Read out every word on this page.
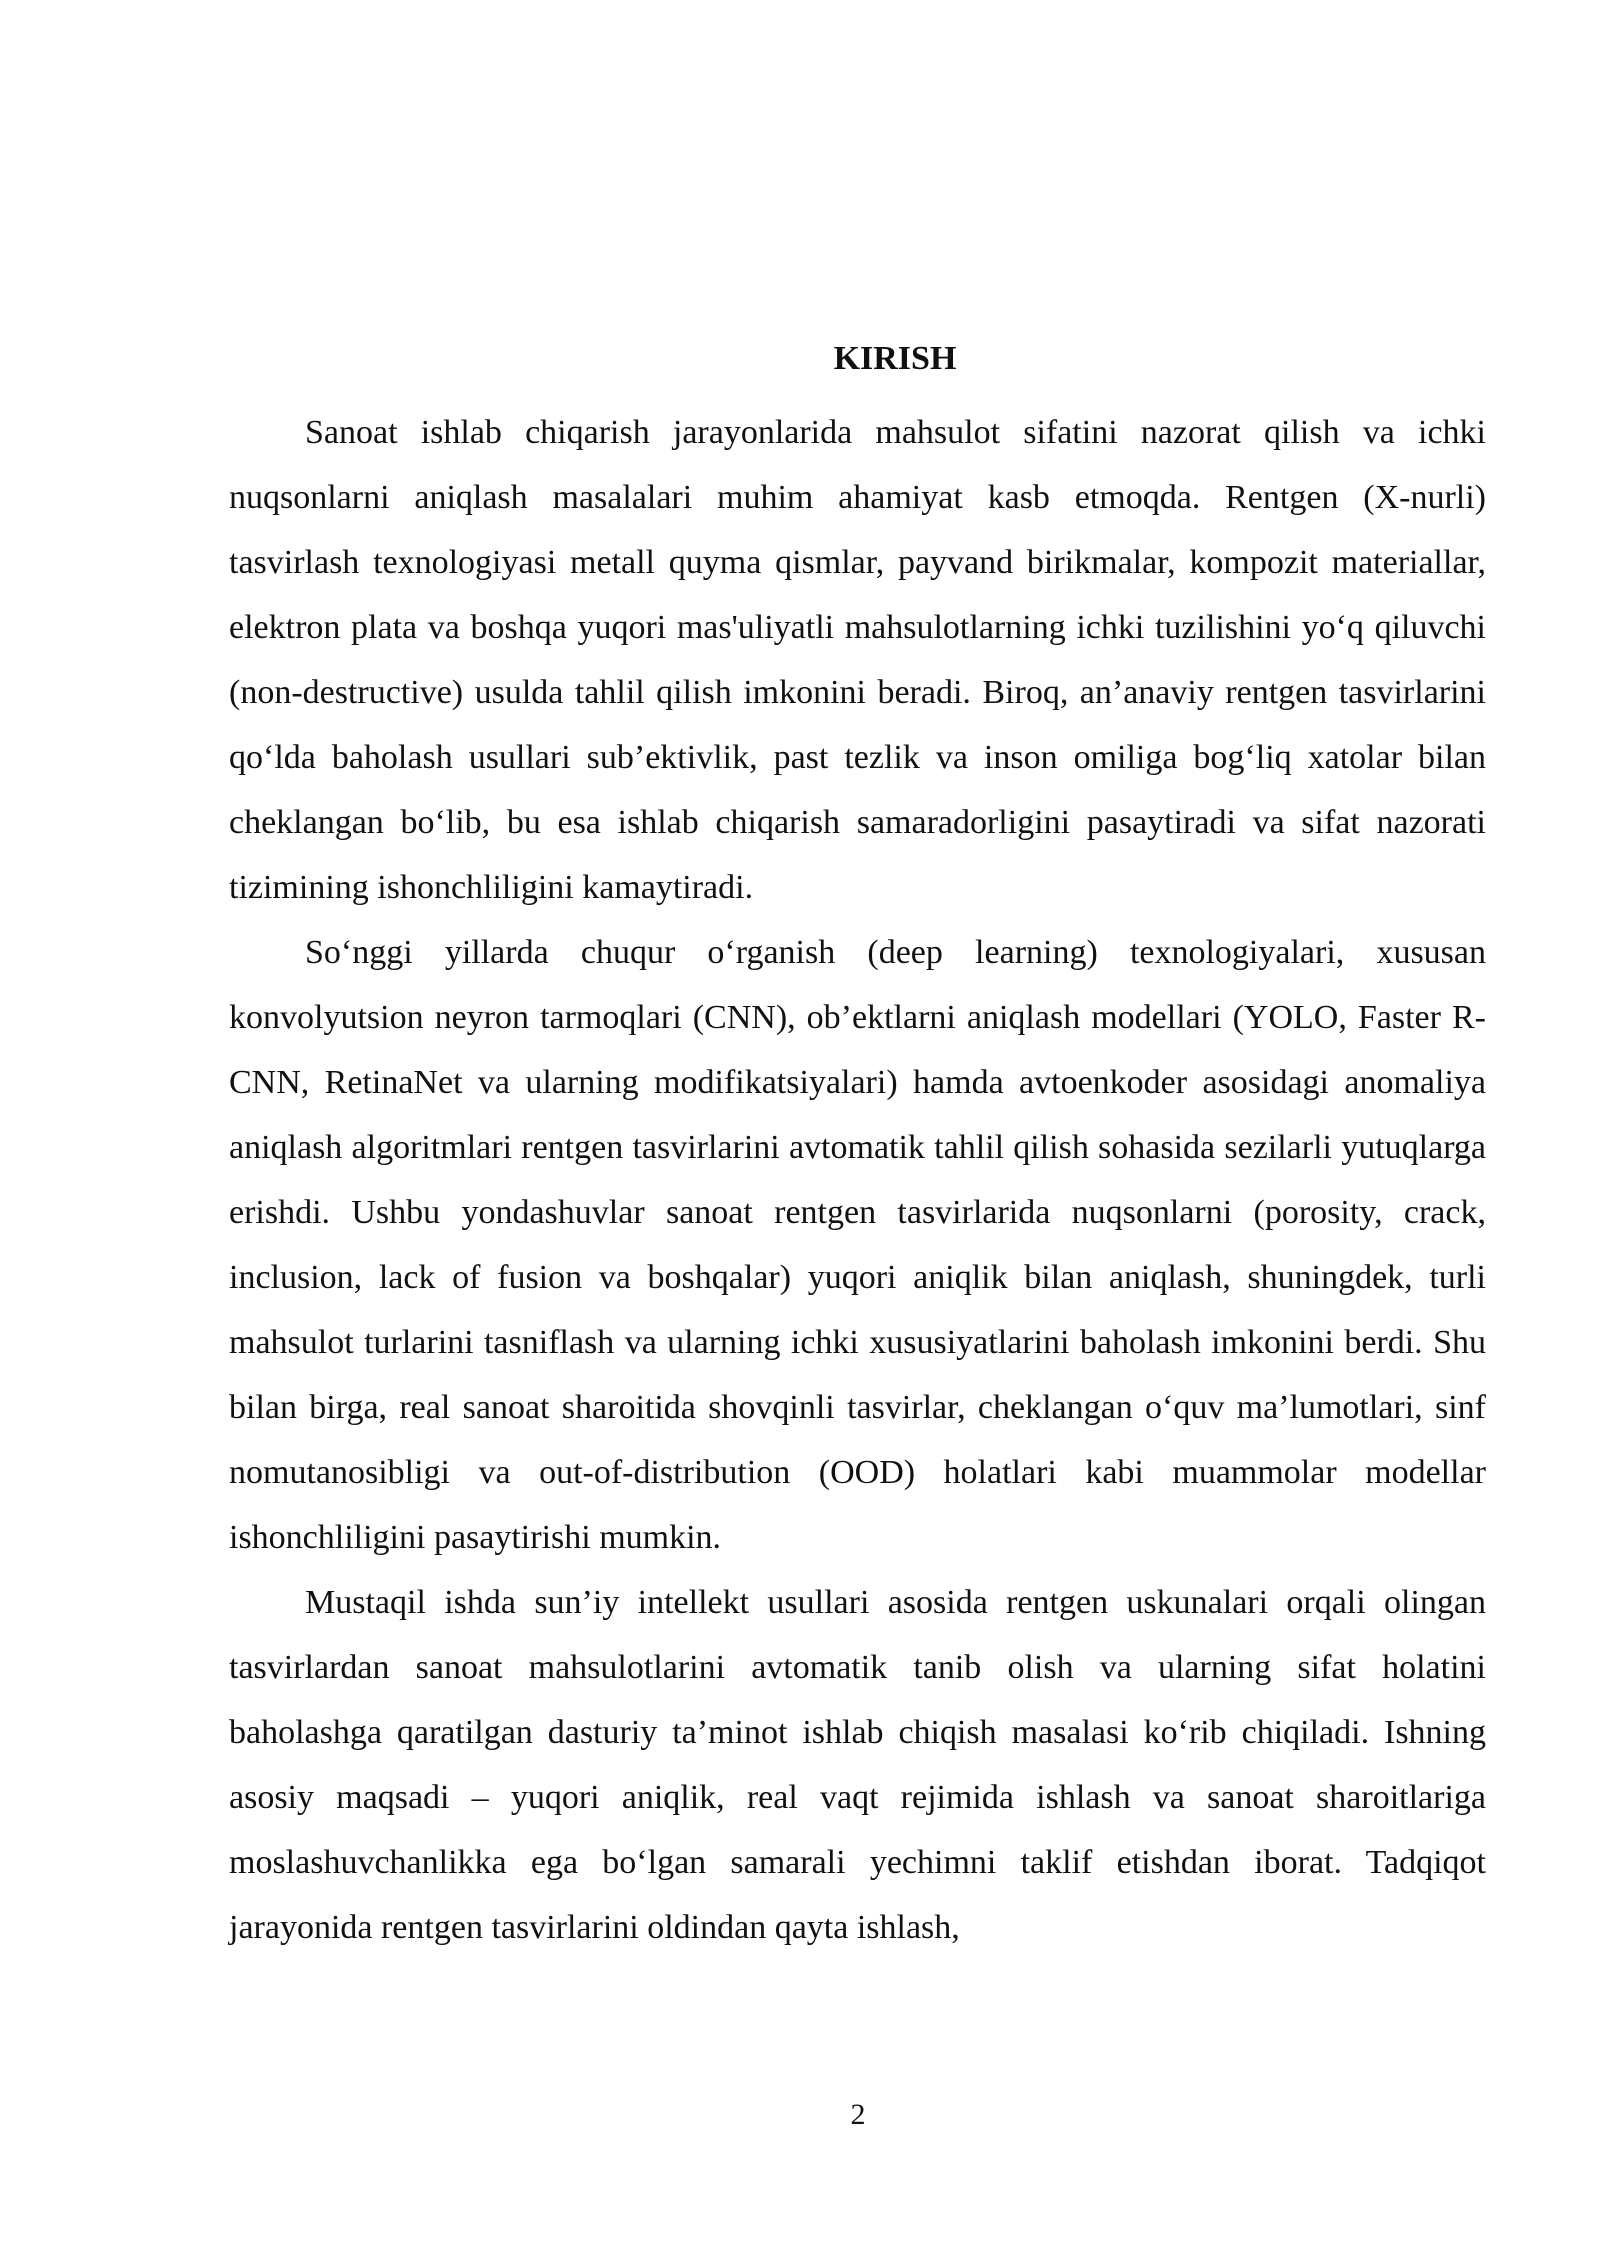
KIRISH

Sanoat ishlab chiqarish jarayonlarida mahsulot sifatini nazorat qilish va ichki nuqsonlarni aniqlash masalalari muhim ahamiyat kasb etmoqda. Rentgen (X-nurli) tasvirlash texnologiyasi metall quyma qismlar, payvand birikmalar, kompozit materiallar, elektron plata va boshqa yuqori mas'uliyatli mahsulotlarning ichki tuzilishini yo‘q qiluvchi (non-destructive) usulda tahlil qilish imkonini beradi. Biroq, an’anaviy rentgen tasvirlarini qo‘lda baholash usullari sub’ektivlik, past tezlik va inson omiliga bog‘liq xatolar bilan cheklangan bo‘lib, bu esa ishlab chiqarish samaradorligini pasaytiradi va sifat nazorati tizimining ishonchliligini kamaytiradi.

So‘nggi yillarda chuqur o‘rganish (deep learning) texnologiyalari, xususan konvolyutsion neyron tarmoqlari (CNN), ob’ektlarni aniqlash modellari (YOLO, Faster R-CNN, RetinaNet va ularning modifikatsiyalari) hamda avtoenkoder asosidagi anomaliya aniqlash algoritmlari rentgen tasvirlarini avtomatik tahlil qilish sohasida sezilarli yutuqlarga erishdi. Ushbu yondashuvlar sanoat rentgen tasvirlarida nuqsonlarni (porosity, crack, inclusion, lack of fusion va boshqalar) yuqori aniqlik bilan aniqlash, shuningdek, turli mahsulot turlarini tasniflash va ularning ichki xususiyatlarini baholash imkonini berdi. Shu bilan birga, real sanoat sharoitida shovqinli tasvirlar, cheklangan o‘quv ma’lumotlari, sinf nomutanosibligi va out-of-distribution (OOD) holatlari kabi muammolar modellar ishonchliligini pasaytirishi mumkin.

Mustaqil ishda sun’iy intellekt usullari asosida rentgen uskunalari orqali olingan tasvirlardan sanoat mahsulotlarini avtomatik tanib olish va ularning sifat holatini baholashga qaratilgan dasturiy ta’minot ishlab chiqish masalasi ko‘rib chiqiladi. Ishning asosiy maqsadi – yuqori aniqlik, real vaqt rejimida ishlash va sanoat sharoitlariga moslashuvchanlikka ega bo‘lgan samarali yechimni taklif etishdan iborat. Tadqiqot jarayonida rentgen tasvirlarini oldindan qayta ishlash,

2
